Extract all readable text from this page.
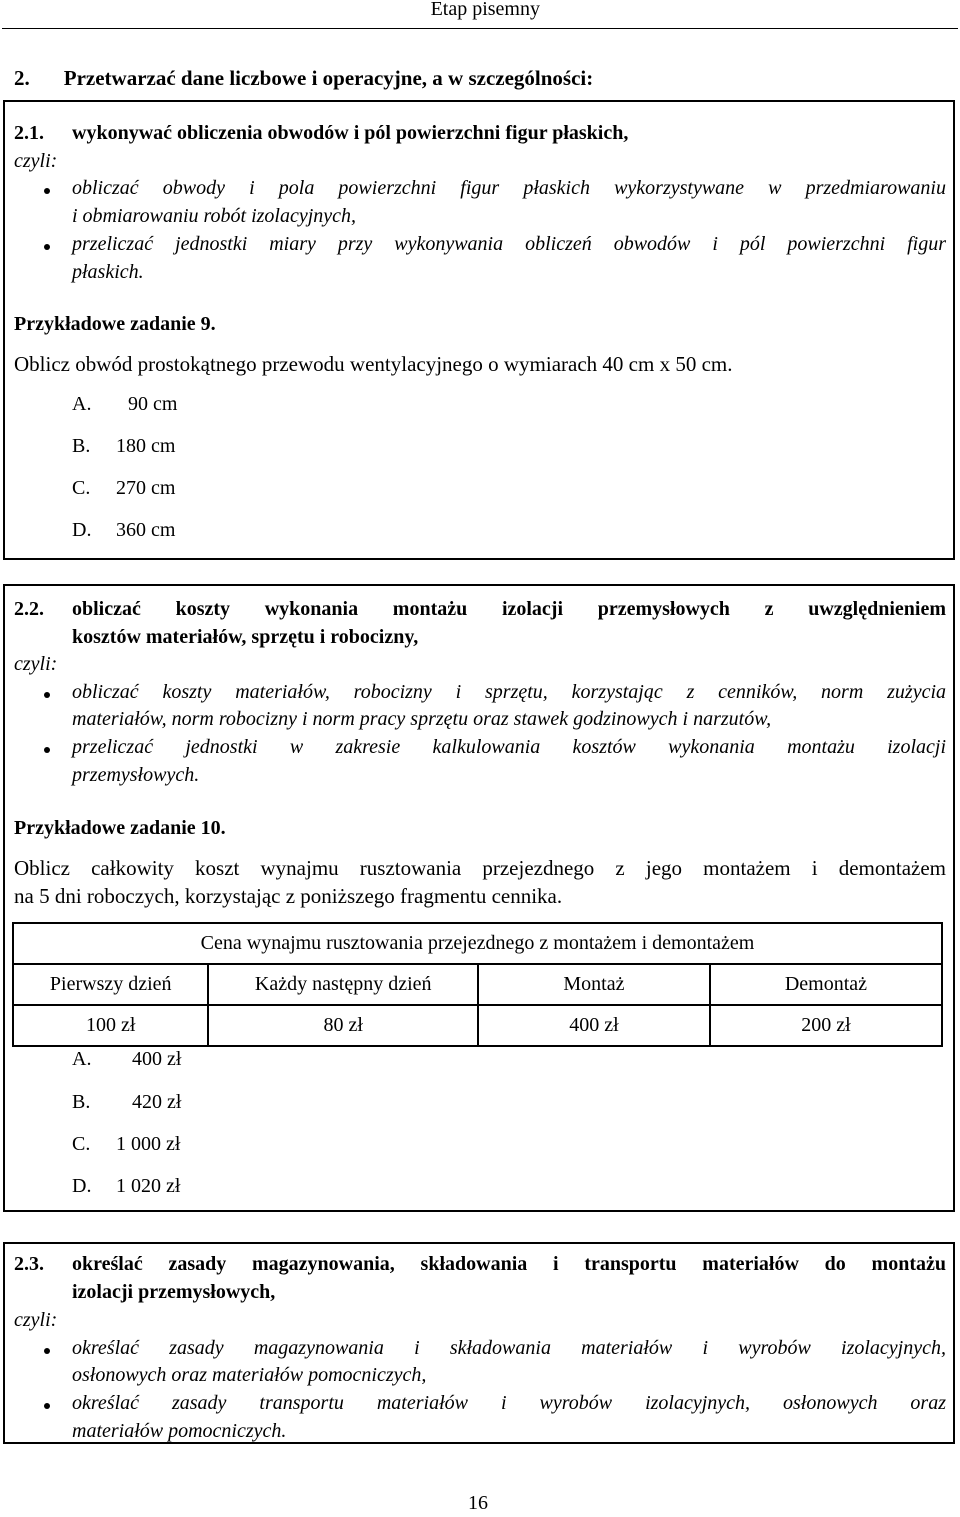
Etap pisemny
2. Przetwarzać dane liczbowe i operacyjne, a w szczególności:
2.1. wykonywać obliczenia obwodów i pól powierzchni figur płaskich,
czyli:
obliczać obwody i pola powierzchni figur płaskich wykorzystywane w przedmiarowaniu
i obmiarowaniu robót izolacyjnych,
przeliczać jednostki miary przy wykonywania obliczeń obwodów i pól powierzchni figur
płaskich.
Przykładowe zadanie 9.
Oblicz obwód prostokątnego przewodu wentylacyjnego o wymiarach 40 cm x 50 cm.
A. 90 cm
B. 180 cm
C. 270 cm
D. 360 cm
2.2. obliczać koszty wykonania montażu izolacji przemysłowych z uwzględnieniem
kosztów materiałów, sprzętu i robocizny,
czyli:
obliczać koszty materiałów, robocizny i sprzętu, korzystając z cenników, norm zużycia
materiałów, norm robocizny i norm pracy sprzętu oraz stawek godzinowych i narzutów,
przeliczać jednostki w zakresie kalkulowania kosztów wykonania montażu izolacji
przemysłowych.
Przykładowe zadanie 10.
Oblicz całkowity koszt wynajmu rusztowania przejezdnego z jego montażem i demontażem
na 5 dni roboczych, korzystając z poniższego fragmentu cennika.
Cena wynajmu rusztowania przejezdnego z montażem i demontażem			
Pierwszy dzień	Każdy następny dzień	Montaż	Demontaż
100 zł	80 zł	400 zł	200 zł
A. 400 zł
B. 420 zł
C. 1 000 zł
D. 1 020 zł
2.3. określać zasady magazynowania, składowania i transportu materiałów do montażu
izolacji przemysłowych,
czyli:
określać zasady magazynowania i składowania materiałów i wyrobów izolacyjnych,
osłonowych oraz materiałów pomocniczych,
określać zasady transportu materiałów i wyrobów izolacyjnych, osłonowych oraz
materiałów pomocniczych.
16
